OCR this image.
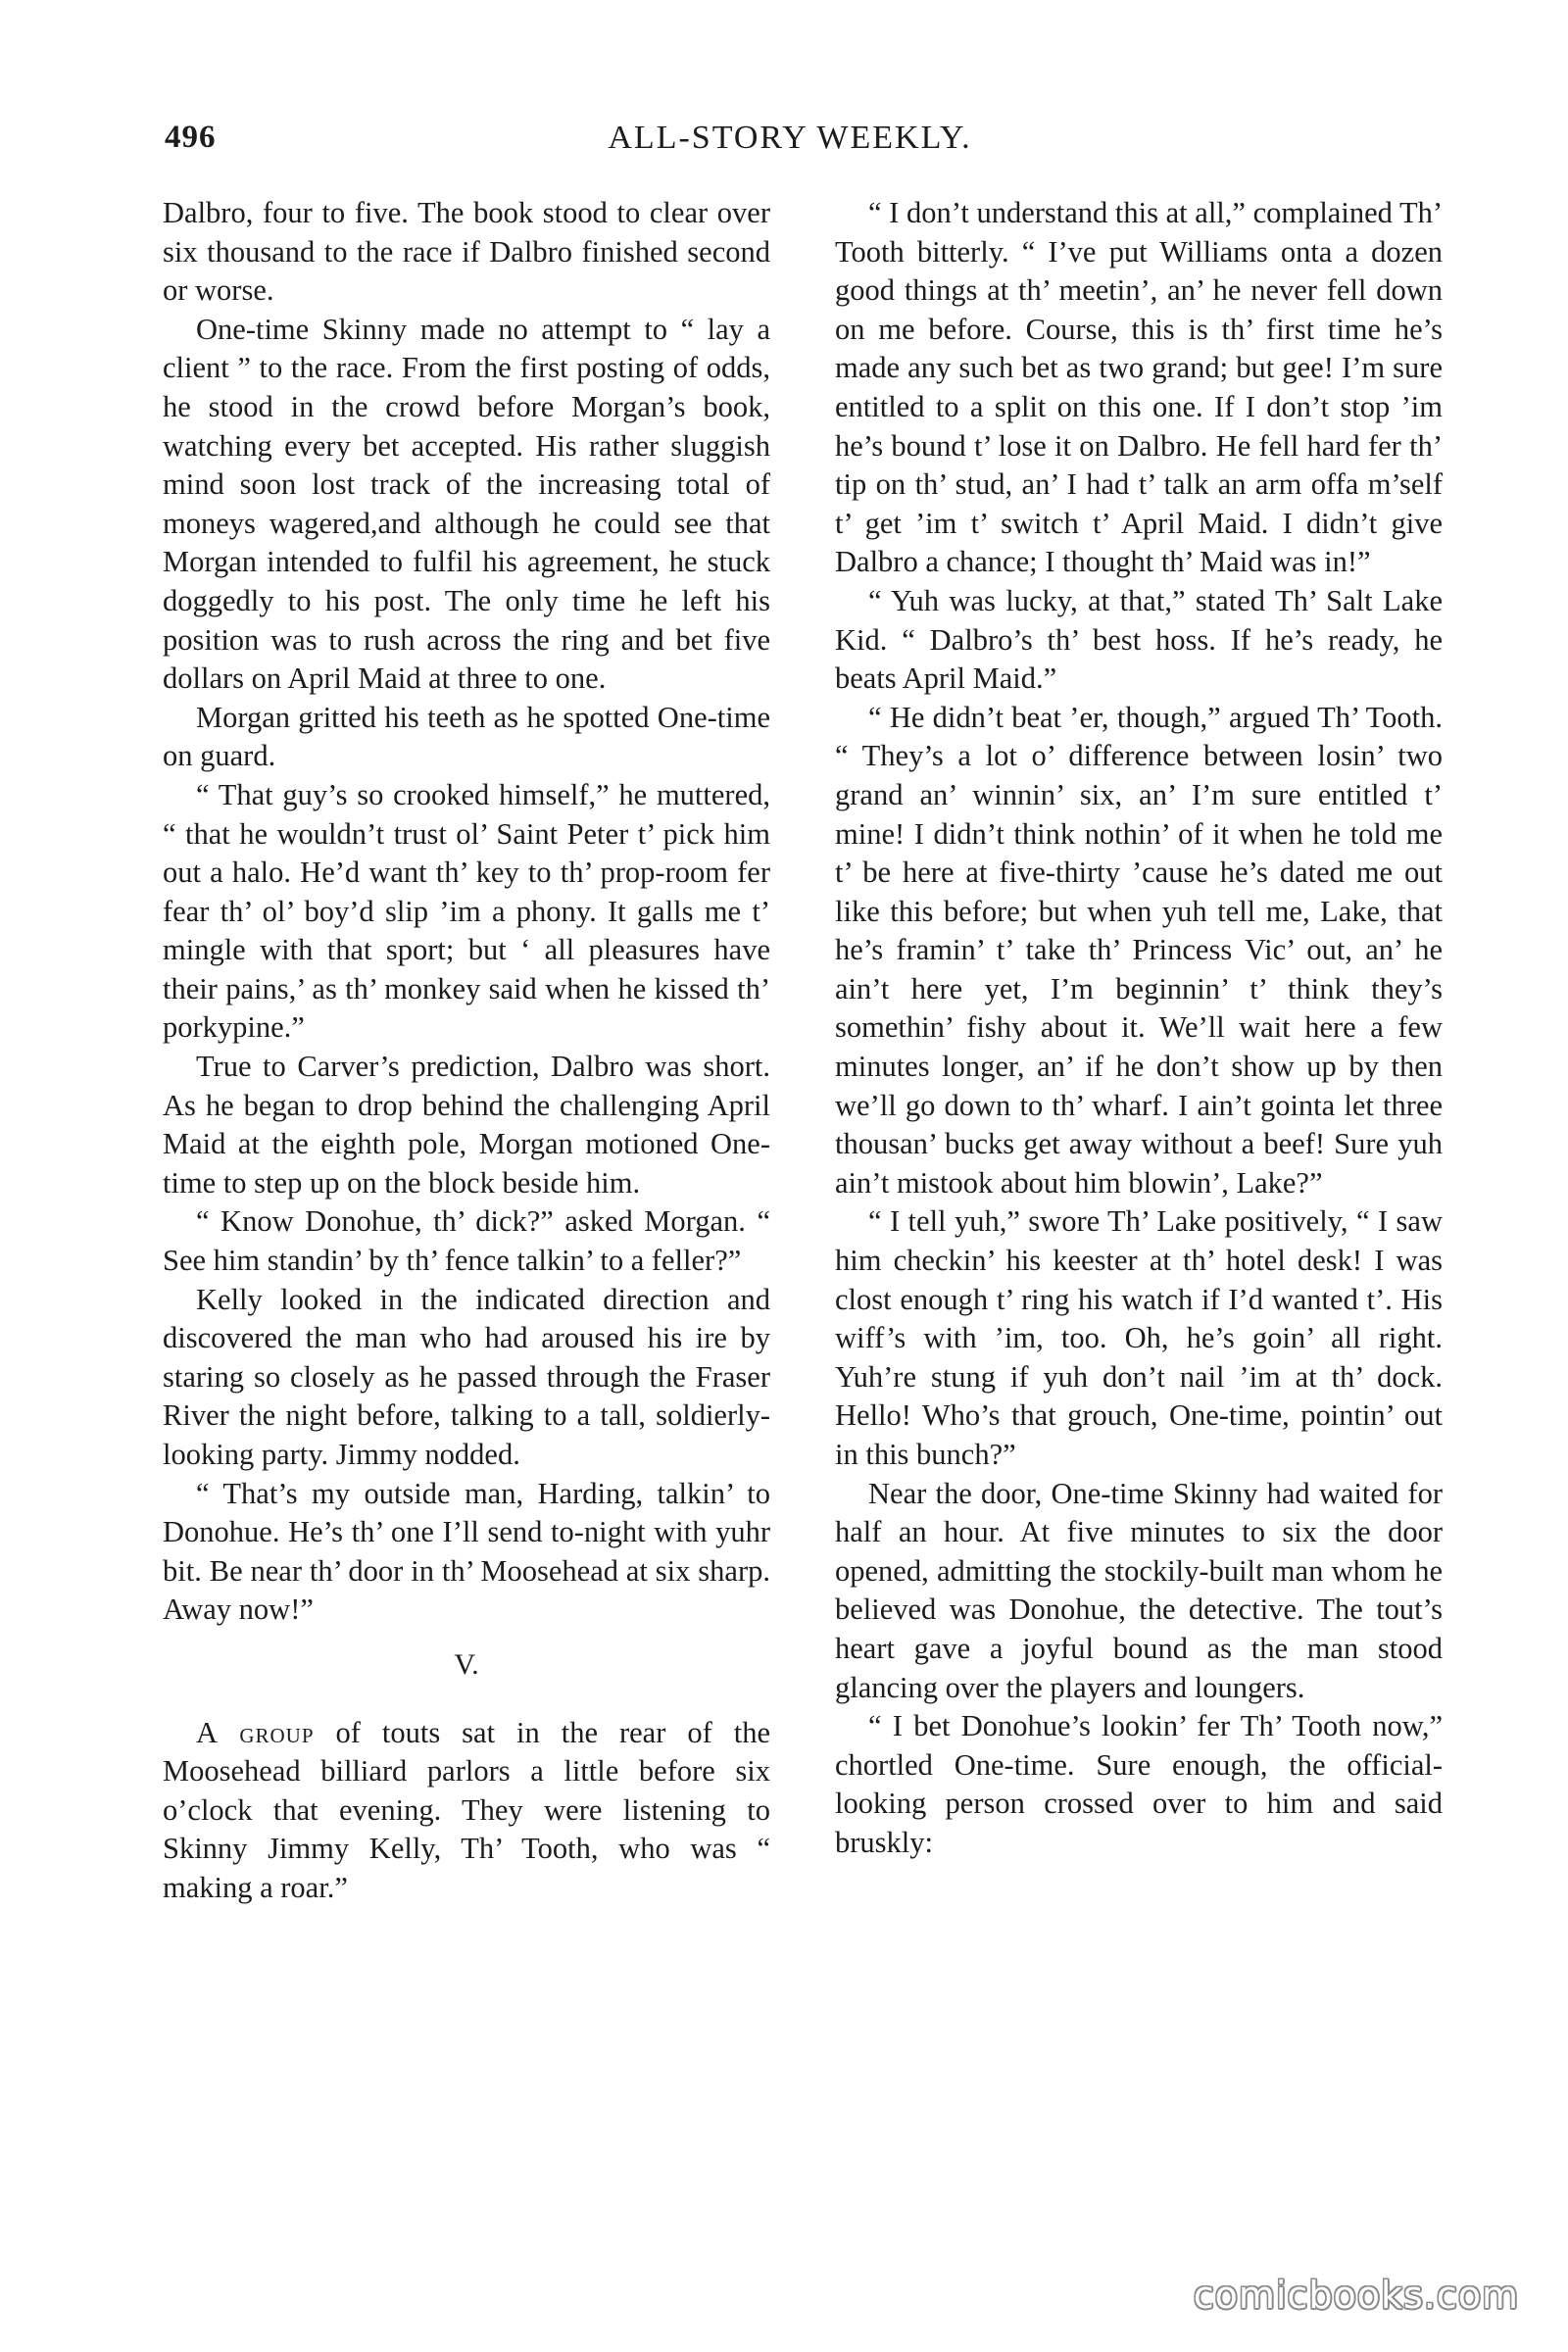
496	ALL-STORY WEEKLY.

Dalbro, four to five. The book stood to clear over six thousand to the race if Dalbro finished second or worse.

One-time Skinny made no attempt to “ lay a client ” to the race. From the first posting of odds, he stood in the crowd before Morgan’s book, watching every bet accepted. His rather sluggish mind soon lost track of the increasing total of moneys wagered,and although he could see that Morgan intended to fulfil his agreement, he stuck doggedly to his post. The only time he left his position was to rush across the ring and bet five dollars on April Maid at three to one.

Morgan gritted his teeth as he spotted One-time on guard.

“ That guy’s so crooked himself,” he muttered, “ that he wouldn’t trust ol’ Saint Peter t’ pick him out a halo. He’d want th’ key to th’ prop-room fer fear th’ ol’ boy’d slip ’im a phony. It galls me t’ mingle with that sport; but ‘ all pleasures have their pains,’ as th’ monkey said when he kissed th’ porkypine.”

True to Carver’s prediction, Dalbro was short. As he began to drop behind the challenging April Maid at the eighth pole, Morgan motioned One-time to step up on the block beside him.

“ Know Donohue, th’ dick?” asked Morgan. “ See him standin’ by th’ fence talkin’ to a feller?”

Kelly looked in the indicated direction and discovered the man who had aroused his ire by staring so closely as he passed through the Fraser River the night before, talking to a tall, soldierly-looking party. Jimmy nodded.

“ That’s my outside man, Harding, talkin’ to Donohue. He’s th’ one I’ll send to-night with yuhr bit. Be near th’ door in th’ Moosehead at six sharp. Away now!”

V.

A group of touts sat in the rear of the Moosehead billiard parlors a little before six o’clock that evening. They were listening to Skinny Jimmy Kelly, Th’ Tooth, who was “ making a roar.”

“ I don’t understand this at all,” complained Th’ Tooth bitterly. “ I’ve put Williams onta a dozen good things at th’ meetin’, an’ he never fell down on me before. Course, this is th’ first time he’s made any such bet as two grand; but gee! I’m sure entitled to a split on this one. If I don’t stop ’im he’s bound t’ lose it on Dalbro. He fell hard fer th’ tip on th’ stud, an’ I had t’ talk an arm offa m’self t’ get ’im t’ switch t’ April Maid. I didn’t give Dalbro a chance; I thought th’ Maid was in!”

“ Yuh was lucky, at that,” stated Th’ Salt Lake Kid. “ Dalbro’s th’ best hoss. If he’s ready, he beats April Maid.”

“ He didn’t beat ’er, though,” argued Th’ Tooth. “ They’s a lot o’ difference between losin’ two grand an’ winnin’ six, an’ I’m sure entitled t’ mine! I didn’t think nothin’ of it when he told me t’ be here at five-thirty ’cause he’s dated me out like this before; but when yuh tell me, Lake, that he’s framin’ t’ take th’ Princess Vic’ out, an’ he ain’t here yet, I’m beginnin’ t’ think they’s somethin’ fishy about it. We’ll wait here a few minutes longer, an’ if he don’t show up by then we’ll go down to th’ wharf. I ain’t gointa let three thousan’ bucks get away without a beef! Sure yuh ain’t mistook about him blowin’, Lake?”

“ I tell yuh,” swore Th’ Lake positively, “ I saw him checkin’ his keester at th’ hotel desk! I was clost enough t’ ring his watch if I’d wanted t’. His wiff’s with ’im, too. Oh, he’s goin’ all right. Yuh’re stung if yuh don’t nail ’im at th’ dock. Hello! Who’s that grouch, One-time, pointin’ out in this bunch?”

Near the door, One-time Skinny had waited for half an hour. At five minutes to six the door opened, admitting the stockily-built man whom he believed was Donohue, the detective. The tout’s heart gave a joyful bound as the man stood glancing over the players and loungers.

“ I bet Donohue’s lookin’ fer Th’ Tooth now,” chortled One-time. Sure enough, the official-looking person crossed over to him and said bruskly:

comicbooks.com
